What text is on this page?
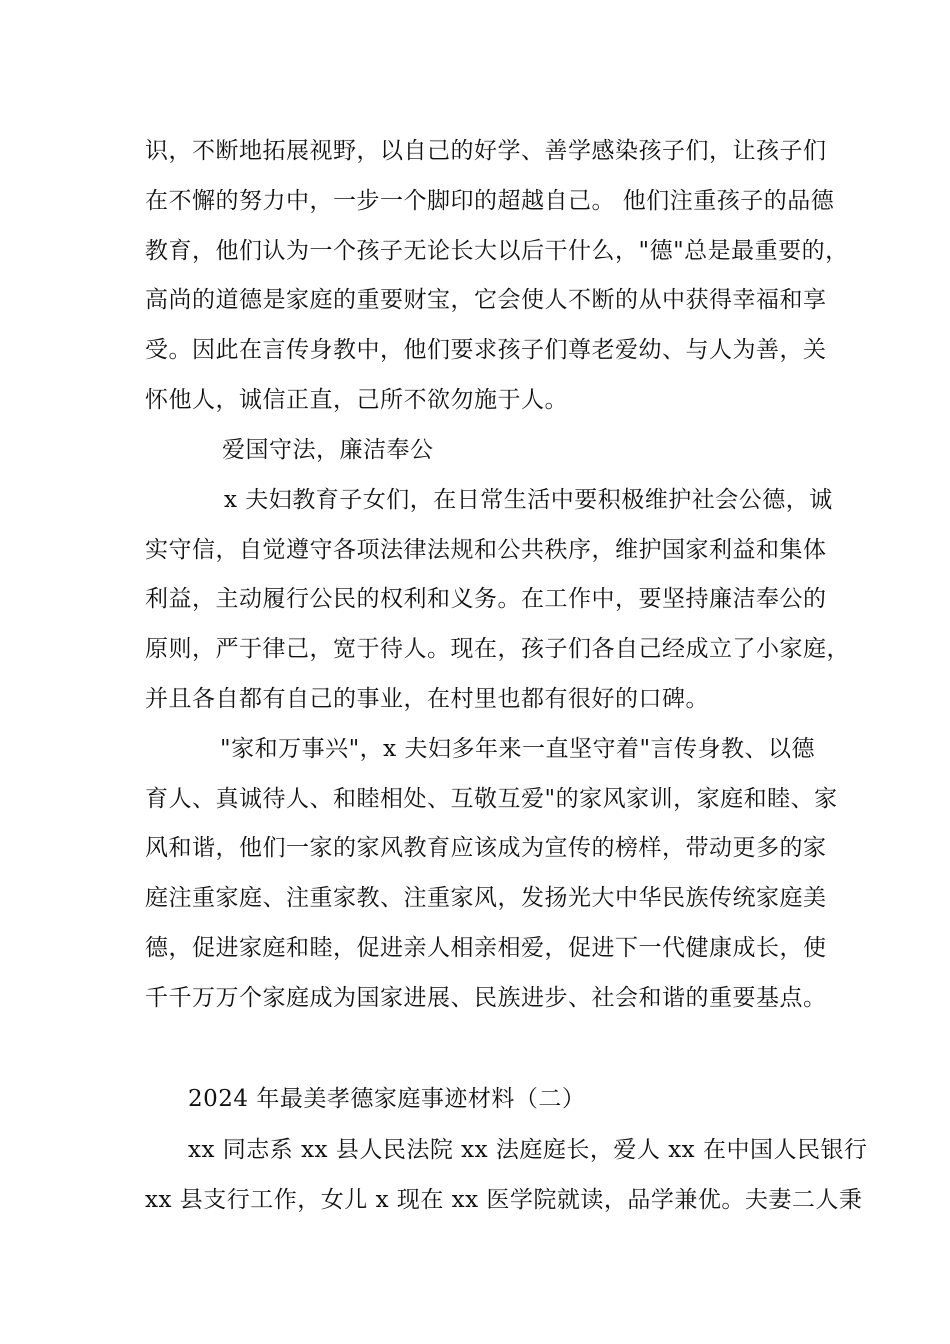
识，不断地拓展视野，以自己的好学、善学感染孩子们，让孩子们
在不懈的努力中，一步一个脚印的超越自己。 他们注重孩子的品德
教育，他们认为一个孩子无论长大以后干什么，"德"总是最重要的，
高尚的道德是家庭的重要财宝，它会使人不断的从中获得幸福和享
受。因此在言传身教中，他们要求孩子们尊老爱幼、与人为善，关
怀他人，诚信正直，己所不欲勿施于人。
爱国守法，廉洁奉公
x 夫妇教育子女们，在日常生活中要积极维护社会公德，诚
实守信，自觉遵守各项法律法规和公共秩序，维护国家利益和集体
利益，主动履行公民的权利和义务。在工作中，要坚持廉洁奉公的
原则，严于律己，宽于待人。现在，孩子们各自己经成立了小家庭，
并且各自都有自己的事业，在村里也都有很好的口碑。
"家和万事兴"，x 夫妇多年来一直坚守着"言传身教、以德
育人、真诚待人、和睦相处、互敬互爱"的家风家训，家庭和睦、家
风和谐，他们一家的家风教育应该成为宣传的榜样，带动更多的家
庭注重家庭、注重家教、注重家风，发扬光大中华民族传统家庭美
德，促进家庭和睦，促进亲人相亲相爱，促进下一代健康成长，使
千千万万个家庭成为国家进展、民族进步、社会和谐的重要基点。
2024 年最美孝德家庭事迹材料（二）
xx 同志系 xx 县人民法院 xx 法庭庭长，爱人 xx 在中国人民银行
xx 县支行工作，女儿 x 现在 xx 医学院就读，品学兼优。夫妻二人秉
